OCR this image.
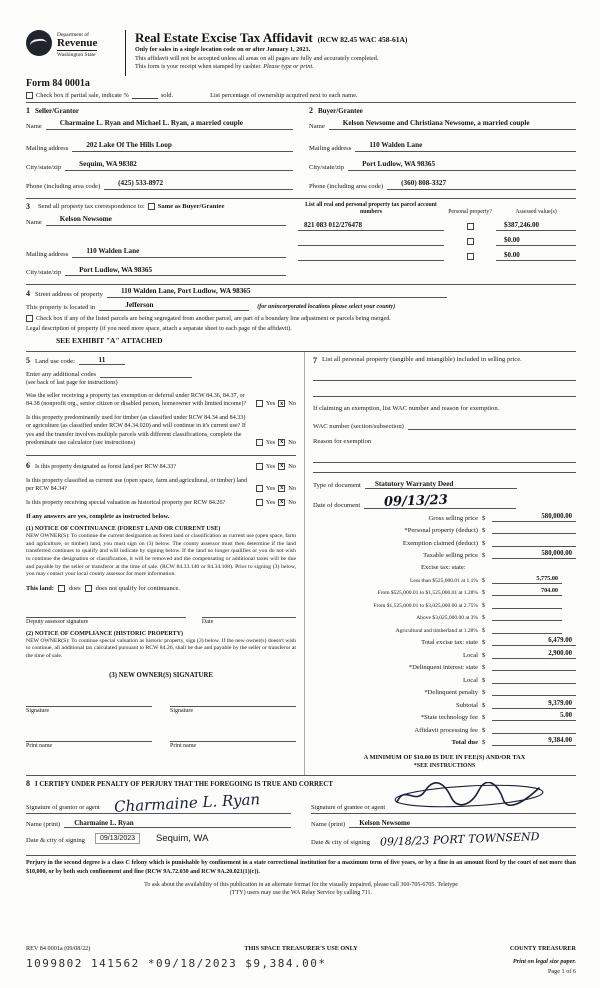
Department of
Revenue
Washington State
Real Estate Excise Tax Affidavit (RCW 82.45 WAC 458-61A)
Only for sales in a single location code on or after January 1, 2023.
This affidavit will not be accepted unless all areas on all pages are fully and accurately completed.
This form is your receipt when stamped by cashier. Please type or print.
Form 84 0001a
Check box if partial sale, indicate %	sold.	List percentage of ownership acquired next to each name.
1 Seller/Grantor
Name	Charmaine L. Ryan and Michael L. Ryan, a married couple
Mailing address	202 Lake Of The Hills Loop
City/state/zip	Sequim, WA 98382
Phone (including area code)	(425) 533-8972
2 Buyer/Grantee
Name	Kelson Newsome and Christiana Newsome, a married couple
Mailing address	110 Walden Lane
City/state/zip	Port Ludlow, WA 98365
Phone (including area code)	(360) 808-3327
3 Send all property tax correspondence to: Same as Buyer/Grantee
Name	Kelson Newsome
Mailing address	110 Walden Lane
City/state/zip	Port Ludlow, WA 98365
List all real and personal property tax parcel account numbers	Personal property?	Assessed value(s)
821 083 012/276478	$387,246.00
$0.00
$0.00
4 Street address of property	110 Walden Lane, Port Ludlow, WA 98365
This property is located in	Jefferson	(for unincorporated locations please select your county)
Check box if any of the listed parcels are being segregated from another parcel, are part of a boundary line adjustment or parcels being merged.
Legal description of property (if you need more space, attach a separate sheet to each page of the affidavit).
SEE EXHIBIT "A" ATTACHED
5 Land use code:	11
Enter any additional codes
(see back of last page for instructions)
Was the seller receiving a property tax exemption or deferral under RCW 84.36, 84.37, or 84.38 (nonprofit org., senior citizen or disabled person, homeowner with limited income)?	Yes x No
Is this property predominantly used for timber (as classified under RCW 84.34 and 84.33) or agriculture (as classified under RCW 84.34.020) and will continue in it's current use? If yes and the transfer involves multiple parcels with different classifications, complete the predominate use calculator (see instructions)	Yes x No
6 Is this property designated as forest land per RCW 84.33?	Yes x No
Is this property classified as current use (open space, farm and agricultural, or timber) land per RCW 84.34?	Yes x No
Is this property receiving special valuation as historical property per RCW 84.26?	Yes x No
If any answers are yes, complete as instructed below.
(1) NOTICE OF CONTINUANCE (FOREST LAND OR CURRENT USE)
NEW OWNER(S): To continue the current designation as forest land or classification as current use (open space, farm and agriculture, or timber) land, you must sign on (3) below. The county assessor must then determine if the land transferred continues to qualify and will indicate by signing below. If the land no longer qualifies or you do not wish to continue the designation or classification, it will be removed and the compensating or additional taxes will be due and payable by the seller or transferor at the time of sale. (RCW 84.33.140 or 84.34.108). Prior to signing (3) below, you may contact your local county assessor for more information.
This land: does does not qualify for continuance.
Deputy assessor signature	Date
(2) NOTICE OF COMPLIANCE (HISTORIC PROPERTY)
NEW OWNER(S): To continue special valuation as historic property, sign (3) below. If the new owner(s) doesn't wish to continue, all additional tax calculated pursuant to RCW 84.26, shall be due and payable by the seller or transferor at the time of sale.
(3) NEW OWNER(S) SIGNATURE
Signature	Signature
Print name	Print name
7 List all personal property (tangible and intangible) included in selling price.
If claiming an exemption, list WAC number and reason for exemption.
WAC number (section/subsection)
Reason for exemption
Type of document	Statutory Warranty Deed
Date of document	09/13/23
Gross selling price $	580,000.00
*Personal property (deduct) $
Exemption claimed (deduct) $
Taxable selling price $	580,000.00
Excise tax: state:
Less than $525,000.01 at 1.1% $	5,775.00
From $525,000.01 to $1,525,000.01 at 1.28% $	704.00
From $1,525,000.01 to $3,025,000.00 at 2.75% $
Above $3,025,000.00 at 3% $
Agricultural and timberland at 1.28% $
Total excise tax: state $	6,479.00
Local $	2,900.00
*Delinquent interest: state $
Local $
*Delinquent penalty $
Subtotal $	9,379.00
*State technology fee $	5.00
Affidavit processing fee $
Total due $	9,384.00
A MINIMUM OF $10.00 IS DUE IN FEE(S) AND/OR TAX
*SEE INSTRUCTIONS
8 I CERTIFY UNDER PENALTY OF PERJURY THAT THE FOREGOING IS TRUE AND CORRECT
Signature of grantor or agent Charmaine L. Ryan
Name (print)	Charmaine L. Ryan
Date & city of signing	09/13/2023	Sequim, WA
Signature of grantee or agent
Name (print)	Kelson Newsome
Date & city of signing 09/18/23 PORT TOWNSEND
Perjury in the second degree is a class C felony which is punishable by confinement in a state correctional institution for a maximum term of five years, or by a fine in an amount fixed by the court of not more than $10,000, or by both such confinement and fine (RCW 9A.72.030 and RCW 9A.20.021(1)(c)).
To ask about the availability of this publication in an alternate format for the visually impaired, please call 360-705-6705. Teletype
(TTY) users may use the WA Relay Service by calling 711.
REV 84 0001a (09/08/22)	THIS SPACE TREASURER'S USE ONLY	COUNTY TREASURER
1099802 141562 *09/18/2023 $9,384.00*	Print on legal size paper.
Page 1 of 6
